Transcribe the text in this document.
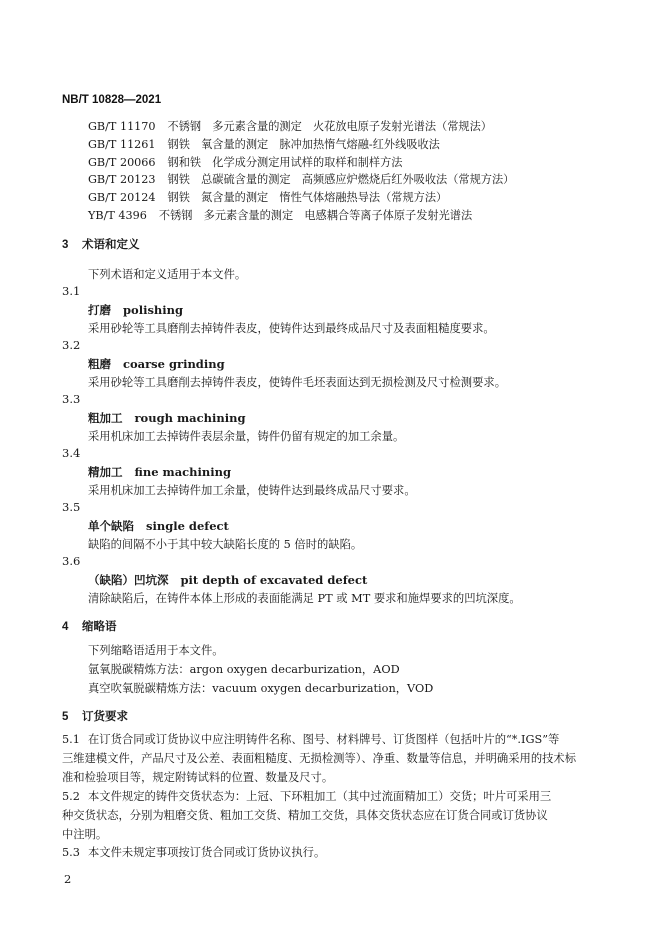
NB/T 10828—2021
GB/T 11170 不锈钢　多元素含量的测定　火花放电原子发射光谱法（常规法）
GB/T 11261 钢铁　氧含量的测定　脉冲加热惰气熔融-红外线吸收法
GB/T 20066 钢和铁　化学成分测定用试样的取样和制样方法
GB/T 20123 钢铁　总碳硫含量的测定　高频感应炉燃烧后红外吸收法（常规方法）
GB/T 20124 钢铁　氮含量的测定　惰性气体熔融热导法（常规方法）
YB/T 4396 不锈钢　多元素含量的测定　电感耦合等离子体原子发射光谱法
3 术语和定义
下列术语和定义适用于本文件。
3.1
打磨 polishing
采用砂轮等工具磨削去掉铸件表皮，使铸件达到最终成品尺寸及表面粗糙度要求。
3.2
粗磨 coarse grinding
采用砂轮等工具磨削去掉铸件表皮，使铸件毛坯表面达到无损检测及尺寸检测要求。
3.3
粗加工 rough machining
采用机床加工去掉铸件表层余量，铸件仍留有规定的加工余量。
3.4
精加工 fine machining
采用机床加工去掉铸件加工余量，使铸件达到最终成品尺寸要求。
3.5
单个缺陷 single defect
缺陷的间隔不小于其中较大缺陷长度的 5 倍时的缺陷。
3.6
（缺陷）凹坑深 pit depth of excavated defect
清除缺陷后，在铸件本体上形成的表面能满足 PT 或 MT 要求和施焊要求的凹坑深度。
4 缩略语
下列缩略语适用于本文件。
氩氧脱碳精炼方法：argon oxygen decarburization，AOD
真空吹氧脱碳精炼方法：vacuum oxygen decarburization，VOD
5 订货要求
5.1 在订货合同或订货协议中应注明铸件名称、图号、材料牌号、订货图样（包括叶片的“*.IGS”等
三维建模文件，产品尺寸及公差、表面粗糙度、无损检测等）、净重、数量等信息，并明确采用的技术标
准和检验项目等，规定附铸试料的位置、数量及尺寸。
5.2 本文件规定的铸件交货状态为：上冠、下环粗加工（其中过流面精加工）交货；叶片可采用三
种交货状态，分别为粗磨交货、粗加工交货、精加工交货，具体交货状态应在订货合同或订货协议
中注明。
5.3 本文件未规定事项按订货合同或订货协议执行。
2
